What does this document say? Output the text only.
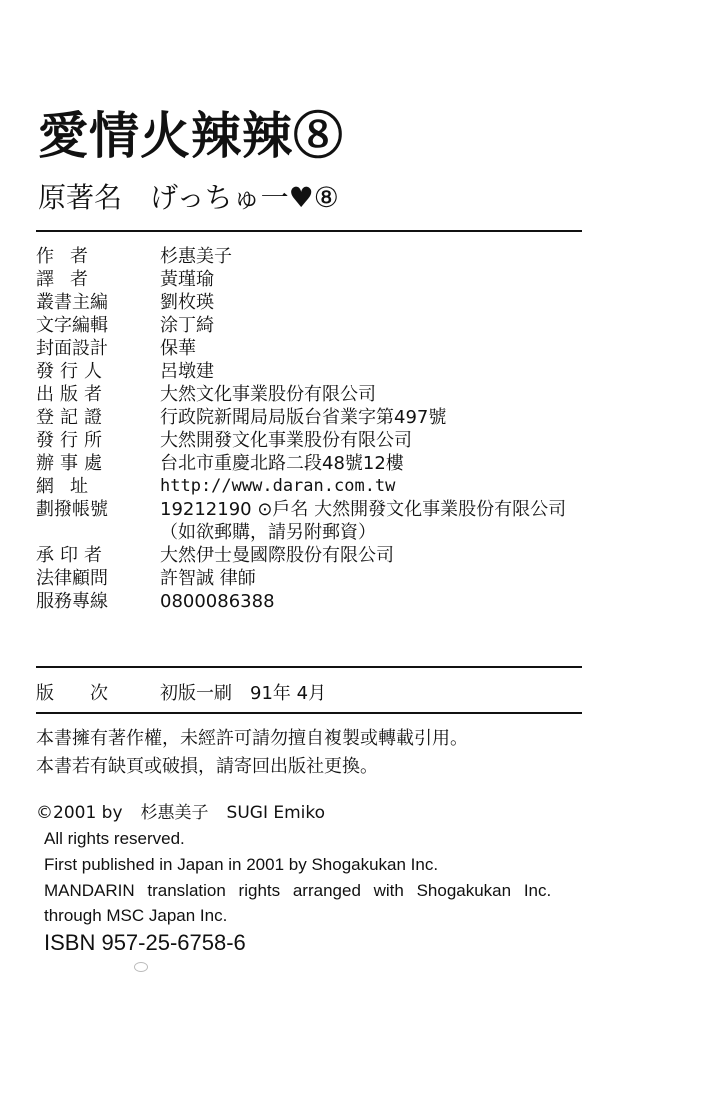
愛情火辣辣⑧
原著名　げっちゅ一♥⑧
作者	杉惠美子
譯者	黃瑾瑜
叢書主編	劉枚瑛
文字編輯	涂丁綺
封面設計	保華
發行人	呂墩建
出版者	大然文化事業股份有限公司
登記證	行政院新聞局局版台省業字第497號
發行所	大然開發文化事業股份有限公司
辦事處	台北市重慶北路二段48號12樓
網址	http://www.daran.com.tw
劃撥帳號	19212190 ⊙戶名 大然開發文化事業股份有限公司
（如欲郵購，請另附郵資）
承印者	大然伊士曼國際股份有限公司
法律顧問	許智誠 律師
服務專線	0800086388
版次 初版一刷　91年 4月
本書擁有著作權，未經許可請勿擅自複製或轉載引用。
本書若有缺頁或破損，請寄回出版社更換。
©2001 by 杉惠美子 SUGI Emiko
All rights reserved.
First published in Japan in 2001 by Shogakukan Inc.
MANDARIN translation rights arranged with Shogakukan Inc.
through MSC Japan Inc.
ISBN 957-25-6758-6
